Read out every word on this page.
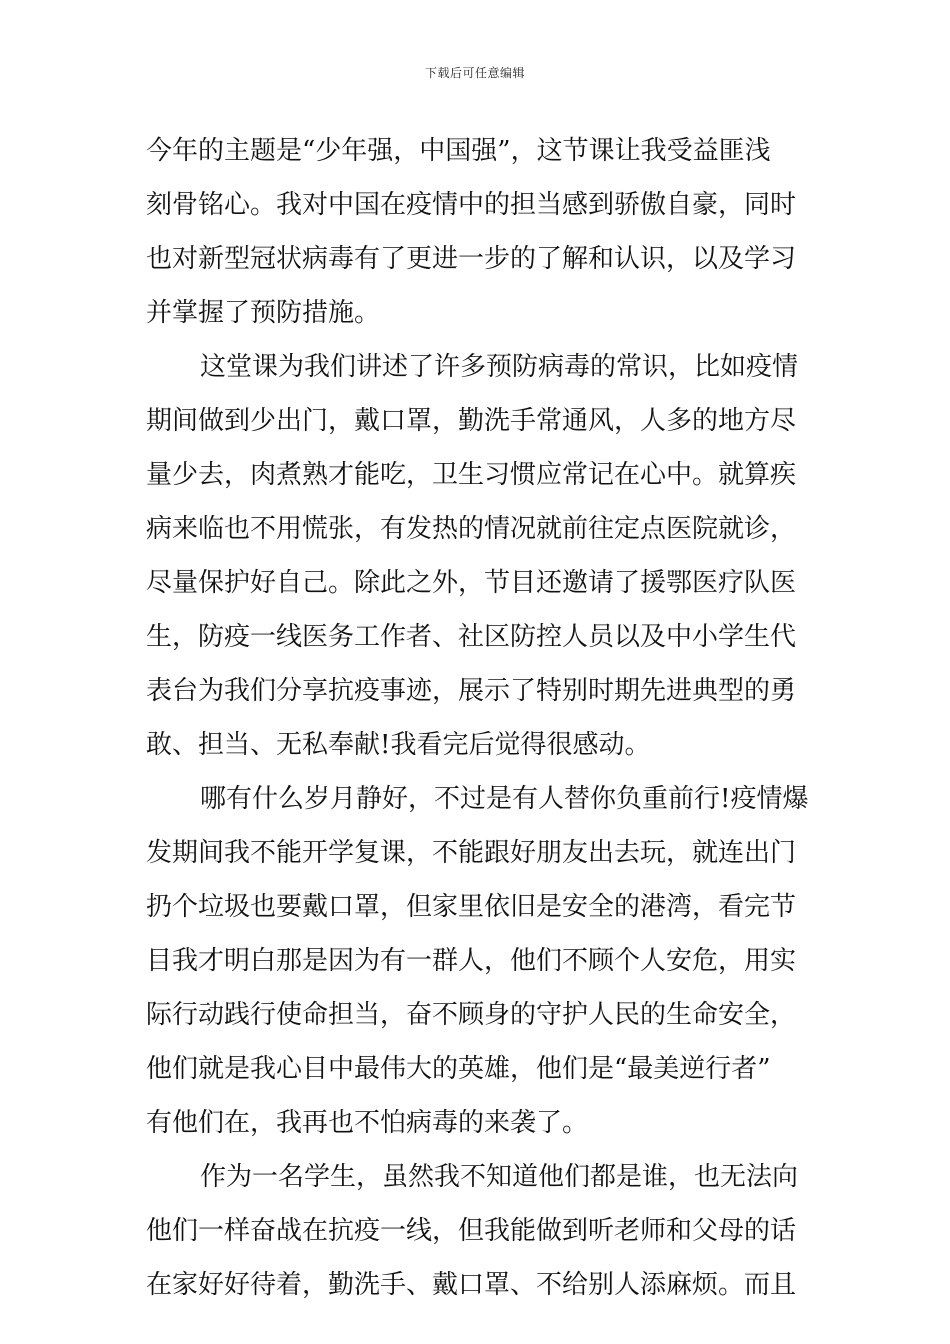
下载后可任意编辑
今年的主题是“少年强，中国强”，这节课让我受益匪浅
刻骨铭心。我对中国在疫情中的担当感到骄傲自豪，同时
也对新型冠状病毒有了更进一步的了解和认识，以及学习
并掌握了预防措施。
这堂课为我们讲述了许多预防病毒的常识，比如疫情
期间做到少出门，戴口罩，勤洗手常通风，人多的地方尽
量少去，肉煮熟才能吃，卫生习惯应常记在心中。就算疾
病来临也不用慌张，有发热的情况就前往定点医院就诊，
尽量保护好自己。除此之外，节目还邀请了援鄂医疗队医
生，防疫一线医务工作者、社区防控人员以及中小学生代
表台为我们分享抗疫事迹，展示了特别时期先进典型的勇
敢、担当、无私奉献!我看完后觉得很感动。
哪有什么岁月静好，不过是有人替你负重前行!疫情爆
发期间我不能开学复课，不能跟好朋友出去玩，就连出门
扔个垃圾也要戴口罩，但家里依旧是安全的港湾，看完节
目我才明白那是因为有一群人，他们不顾个人安危，用实
际行动践行使命担当，奋不顾身的守护人民的生命安全，
他们就是我心目中最伟大的英雄，他们是“最美逆行者”
有他们在，我再也不怕病毒的来袭了。
作为一名学生，虽然我不知道他们都是谁，也无法向
他们一样奋战在抗疫一线，但我能做到听老师和父母的话
在家好好待着，勤洗手、戴口罩、不给别人添麻烦。而且
